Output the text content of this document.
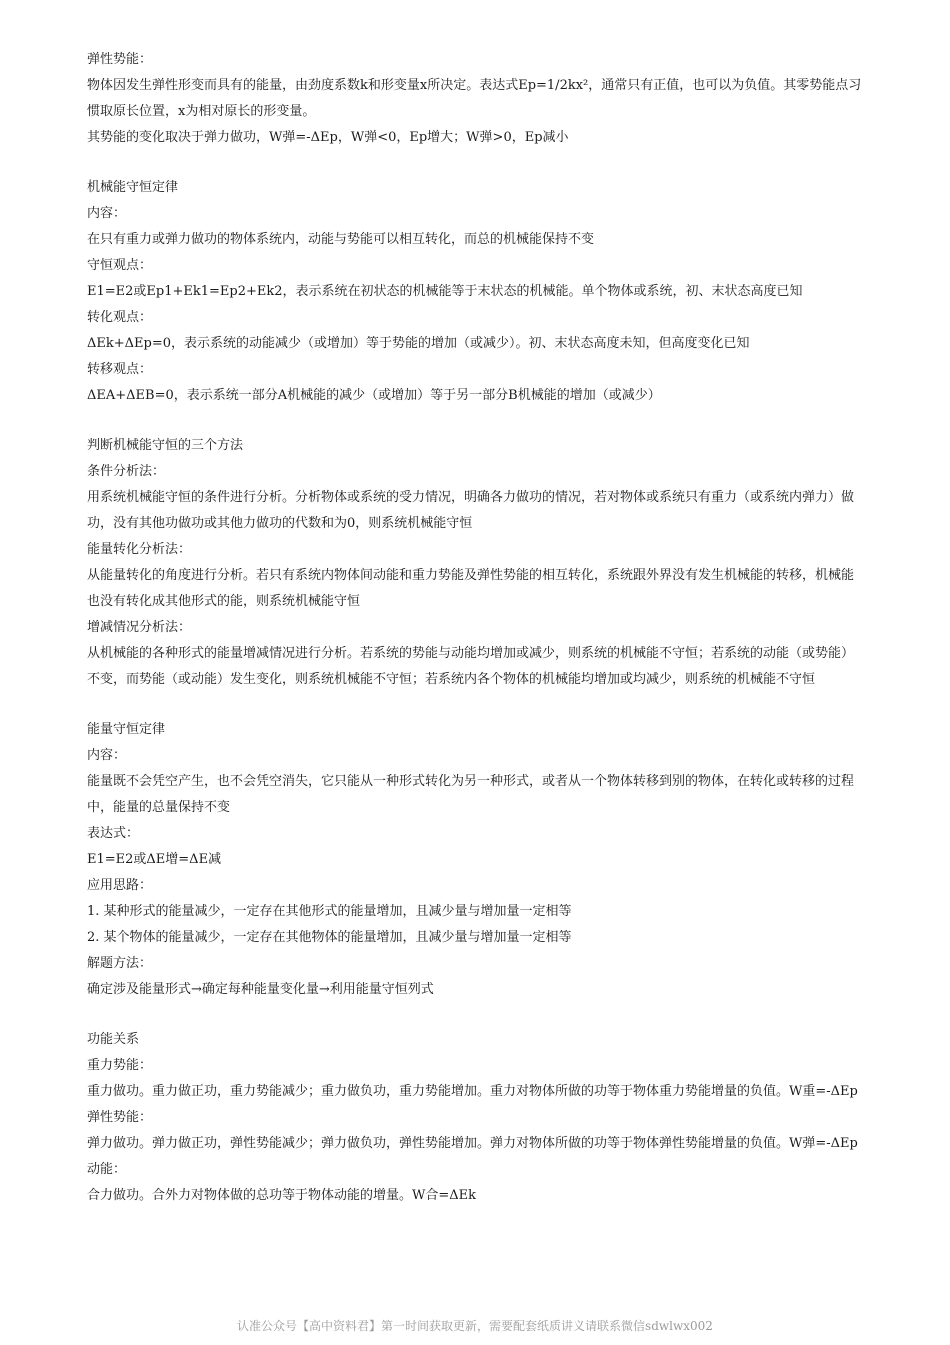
弹性势能：

物体因发生弹性形变而具有的能量，由劲度系数k和形变量x所决定。表达式Ep=1/2kx²，通常只有正值，也可以为负值。其零势能点习惯取原长位置，x为相对原长的形变量。

其势能的变化取决于弹力做功，W弹=-ΔEp，W弹<0，Ep增大；W弹>0，Ep减小

机械能守恒定律

内容：

在只有重力或弹力做功的物体系统内，动能与势能可以相互转化，而总的机械能保持不变

守恒观点：

E1=E2或Ep1+Ek1=Ep2+Ek2，表示系统在初状态的机械能等于末状态的机械能。单个物体或系统，初、末状态高度已知

转化观点：

ΔEk+ΔEp=0，表示系统的动能减少（或增加）等于势能的增加（或减少）。初、末状态高度未知，但高度变化已知

转移观点：

ΔEA+ΔEB=0，表示系统一部分A机械能的减少（或增加）等于另一部分B机械能的增加（或减少）

判断机械能守恒的三个方法

条件分析法：

用系统机械能守恒的条件进行分析。分析物体或系统的受力情况，明确各力做功的情况，若对物体或系统只有重力（或系统内弹力）做功，没有其他功做功或其他力做功的代数和为0，则系统机械能守恒

能量转化分析法：

从能量转化的角度进行分析。若只有系统内物体间动能和重力势能及弹性势能的相互转化，系统跟外界没有发生机械能的转移，机械能也没有转化成其他形式的能，则系统机械能守恒

增减情况分析法：

从机械能的各种形式的能量增减情况进行分析。若系统的势能与动能均增加或减少，则系统的机械能不守恒；若系统的动能（或势能）不变，而势能（或动能）发生变化，则系统机械能不守恒；若系统内各个物体的机械能均增加或均减少，则系统的机械能不守恒

能量守恒定律

内容：

能量既不会凭空产生，也不会凭空消失，它只能从一种形式转化为另一种形式，或者从一个物体转移到别的物体，在转化或转移的过程中，能量的总量保持不变

表达式：

E1=E2或ΔE增=ΔE减

应用思路：

1. 某种形式的能量减少，一定存在其他形式的能量增加，且减少量与增加量一定相等

2. 某个物体的能量减少，一定存在其他物体的能量增加，且减少量与增加量一定相等

解题方法：

确定涉及能量形式→确定每种能量变化量→利用能量守恒列式

功能关系

重力势能：

重力做功。重力做正功，重力势能减少；重力做负功，重力势能增加。重力对物体所做的功等于物体重力势能增量的负值。W重=-ΔEp

弹性势能：

弹力做功。弹力做正功，弹性势能减少；弹力做负功，弹性势能增加。弹力对物体所做的功等于物体弹性势能增量的负值。W弹=-ΔEp

动能：

合力做功。合外力对物体做的总功等于物体动能的增量。W合=ΔEk

认准公众号【高中资料君】第一时间获取更新，需要配套纸质讲义请联系微信sdwlwx002
